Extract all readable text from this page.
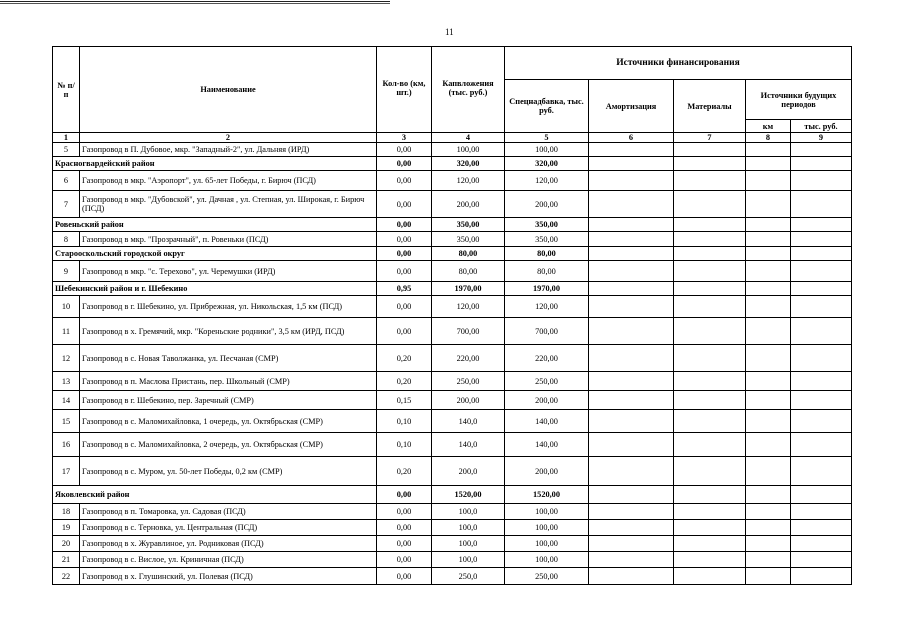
11
№ п/п	Наименование	Кол-во (км, шт.)	Капвложения (тыс. руб.)	Источники финансирования				
				Спецнадбавка, тыс. руб.	Амортизация	Материалы	Источники будущих периодов	
							км	тыс. руб.
1	2	3	4	5	6	7	8	9
5	Газопровод в П. Дубовое, мкр. "Западный-2", ул. Дальняя (ИРД)	0,00	100,00	100,00				
Красногвардейский район		0,00	320,00	320,00				
6	Газопровод в мкр. "Аэропорт", ул. 65-лет Победы, г. Бирюч (ПСД)	0,00	120,00	120,00				
7	Газопровод в мкр. "Дубовской", ул. Дачная , ул. Степная, ул. Широкая, г. Бирюч (ПСД)	0,00	200,00	200,00				
Ровеньский район		0,00	350,00	350,00				
8	Газопровод в мкр. "Прозрачный", п. Ровеньки (ПСД)	0,00	350,00	350,00				
Старооскольский городской округ		0,00	80,00	80,00				
9	Газопровод в мкр. "с. Терехово", ул. Черемушки (ИРД)	0,00	80,00	80,00				
Шебекинский район и г. Шебекино		0,95	1970,00	1970,00				
10	Газопровод в г. Шебекино, ул. Прибрежная, ул. Никольская, 1,5 км (ПСД)	0,00	120,00	120,00				
11	Газопровод в х. Гремячий, мкр. "Кореньские родники", 3,5 км (ИРД, ПСД)	0,00	700,00	700,00				
12	Газопровод в с. Новая Таволжанка, ул. Песчаная (СМР)	0,20	220,00	220,00				
13	Газопровод в п. Маслова Пристань, пер. Школьный (СМР)	0,20	250,00	250,00				
14	Газопровод в г. Шебекино, пер. Заречный (СМР)	0,15	200,00	200,00				
15	Газопровод в с. Маломихайловка, 1 очередь, ул. Октябрьская (СМР)	0,10	140,0	140,00				
16	Газопровод в с. Маломихайловка, 2 очередь, ул. Октябрьская (СМР)	0,10	140,0	140,00				
17	Газопровод в с. Муром, ул. 50-лет Победы, 0,2 км (СМР)	0,20	200,0	200,00				
Яковлевский район		0,00	1520,00	1520,00				
18	Газопровод в п. Томаровка, ул. Садовая (ПСД)	0,00	100,0	100,00				
19	Газопровод в с. Терновка, ул. Центральная (ПСД)	0,00	100,0	100,00				
20	Газопровод в х. Журавлиное, ул. Родниковая (ПСД)	0,00	100,0	100,00				
21	Газопровод в с. Вислое, ул. Криничная (ПСД)	0,00	100,0	100,00				
22	Газопровод в х. Глушинский, ул. Полевая (ПСД)	0,00	250,0	250,00				
